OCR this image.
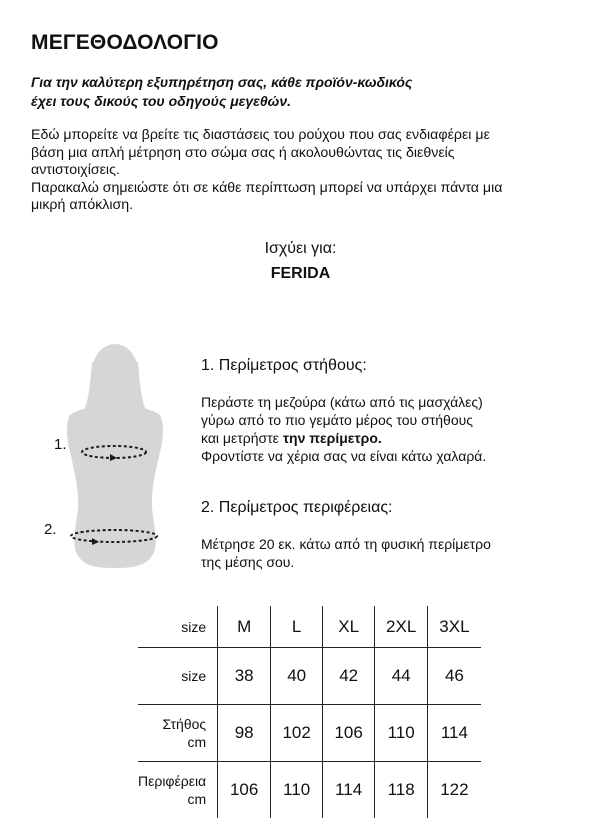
ΜΕΓΕΘΟΔΟΛΟΓΙΟ
Για την καλύτερη εξυπηρέτηση σας, κάθε προϊόν-κωδικός
έχει τους δικούς του οδηγούς μεγεθών.

Εδώ μπορείτε να βρείτε τις διαστάσεις του ρούχου που σας ενδιαφέρει με

βάση μια απλή μέτρηση στο σώμα σας ή ακολουθώντας τις διεθνείς

αντιστοιχίσεις.

Παρακαλώ σημειώστε ότι σε κάθε περίπτωση μπορεί να υπάρχει πάντα μια

μικρή απόκλιση.

Ισχύει για:
FERIDA
1.
2.
1. Περίμετρος στήθους:
Περάστε τη μεζούρα (κάτω από τις μασχάλες)
γύρω από το πιο γεμάτο μέρος του στήθους
και μετρήστε την περίμετρο.
Φροντίστε να χέρια σας να είναι κάτω χαλαρά.
2. Περίμετρος περιφέρειας:
Μέτρησε 20 εκ. κάτω από τη φυσική περίμετρο
της μέσης σου.
size	M	L	XL	2XL	3XL
size	38	40	42	44	46

Στήθος
cm	98	102	106	110	114

Περιφέρεια
cm	106	110	114	118	122
